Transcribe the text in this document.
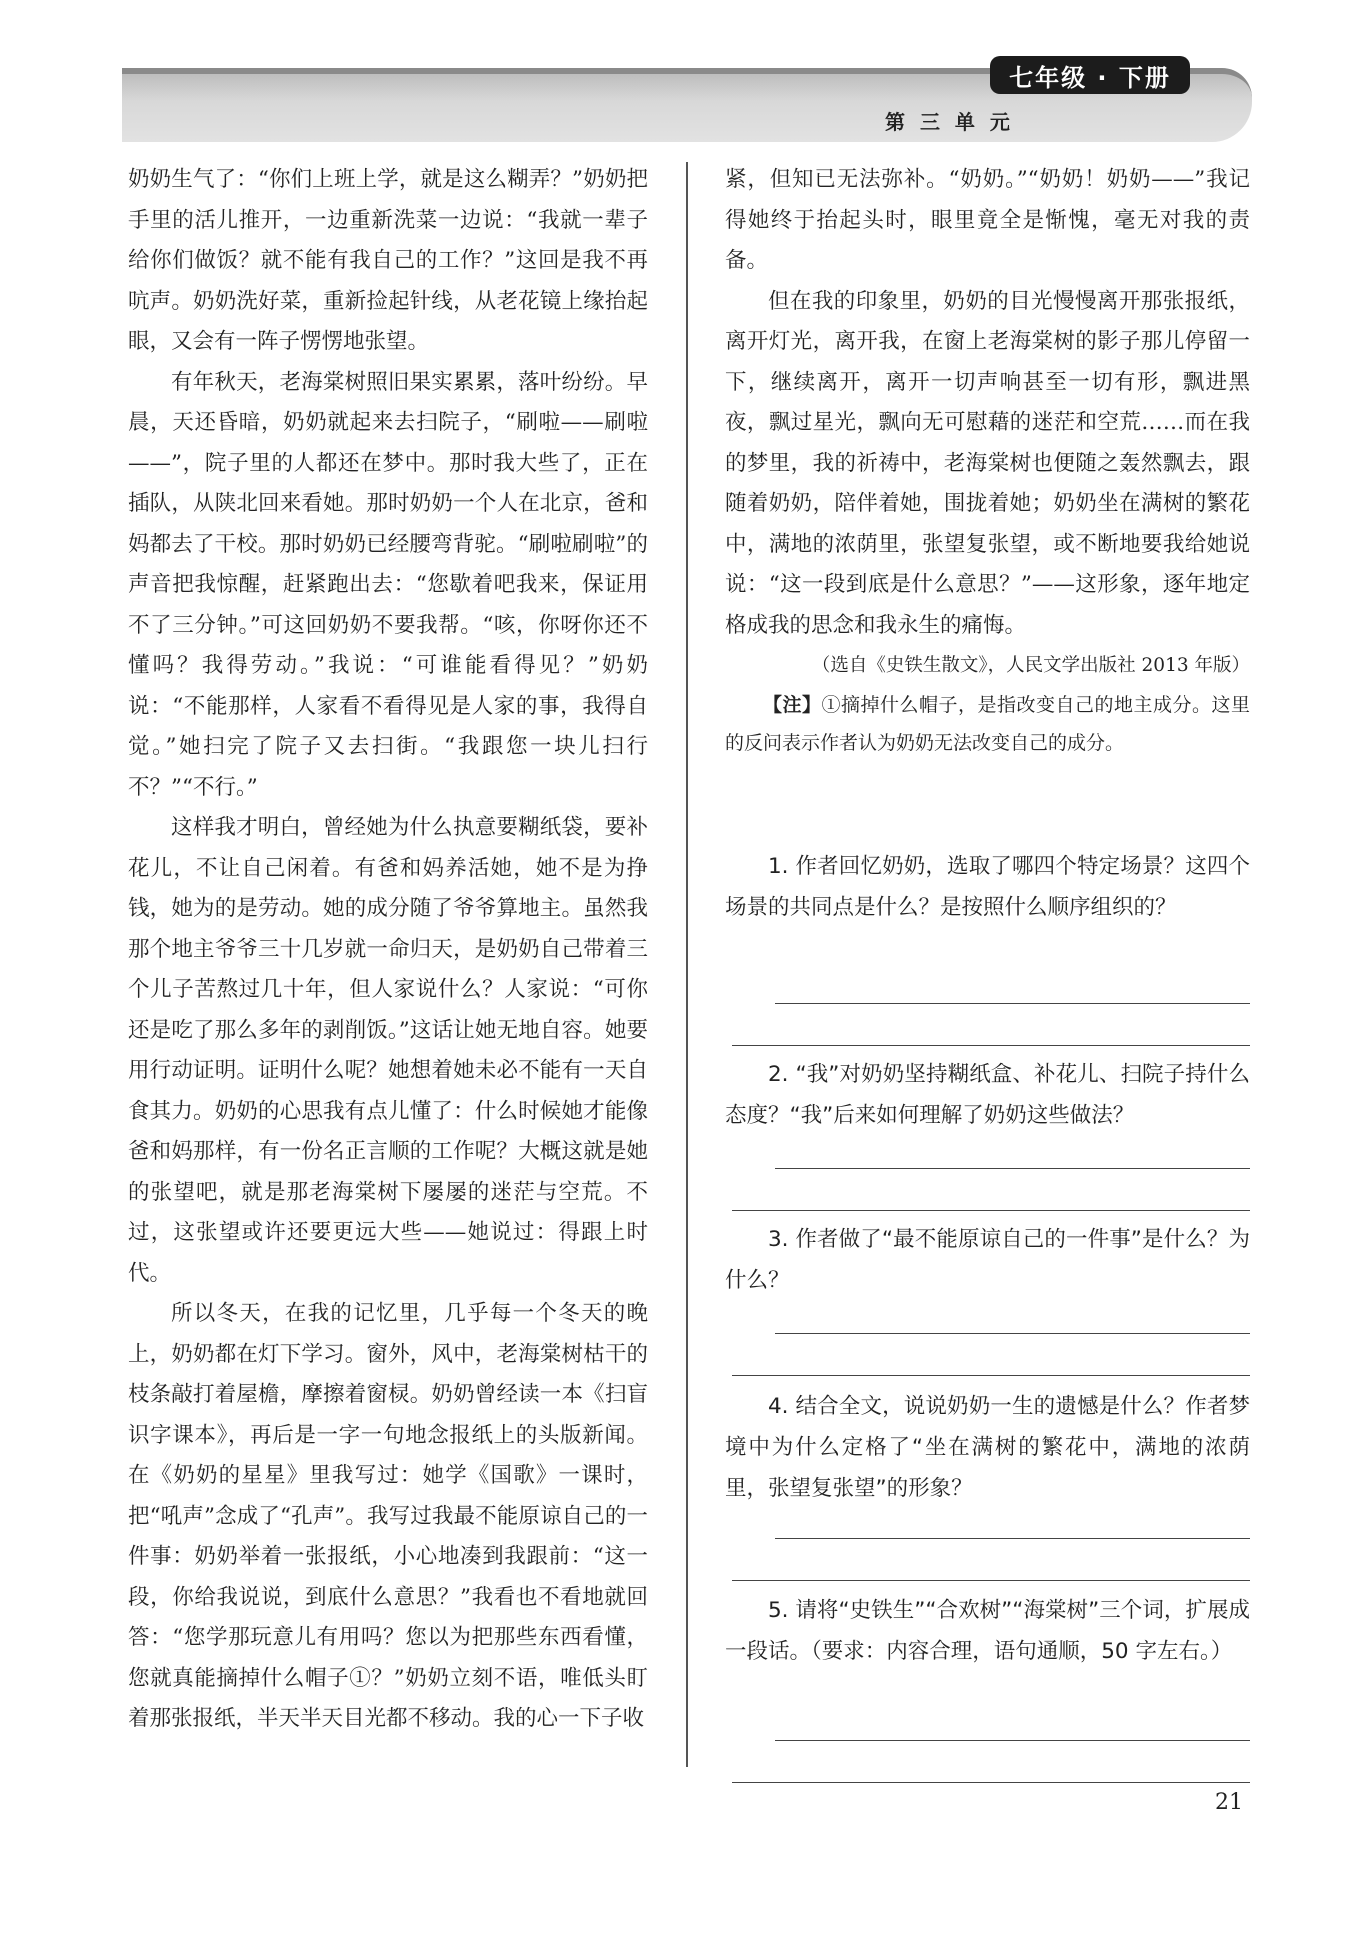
七年级 · 下册
第 三 单 元

奶奶生气了：“你们上班上学，就是这么糊弄？”奶奶把手里的活儿推开，一边重新洗菜一边说：“我就一辈子给你们做饭？就不能有我自己的工作？”这回是我不再吭声。奶奶洗好菜，重新捡起针线，从老花镜上缘抬起眼，又会有一阵子愣愣地张望。

有年秋天，老海棠树照旧果实累累，落叶纷纷。早晨，天还昏暗，奶奶就起来去扫院子，“刷啦——刷啦——”，院子里的人都还在梦中。那时我大些了，正在插队，从陕北回来看她。那时奶奶一个人在北京，爸和妈都去了干校。那时奶奶已经腰弯背驼。“刷啦刷啦”的声音把我惊醒，赶紧跑出去：“您歇着吧我来，保证用不了三分钟。”可这回奶奶不要我帮。“咳，你呀你还不懂吗？我得劳动。”我说：“可谁能看得见？”奶奶说：“不能那样，人家看不看得见是人家的事，我得自觉。”她扫完了院子又去扫街。“我跟您一块儿扫行不？”“不行。”

这样我才明白，曾经她为什么执意要糊纸袋，要补花儿，不让自己闲着。有爸和妈养活她，她不是为挣钱，她为的是劳动。她的成分随了爷爷算地主。虽然我那个地主爷爷三十几岁就一命归天，是奶奶自己带着三个儿子苦熬过几十年，但人家说什么？人家说：“可你还是吃了那么多年的剥削饭。”这话让她无地自容。她要用行动证明。证明什么呢？她想着她未必不能有一天自食其力。奶奶的心思我有点儿懂了：什么时候她才能像爸和妈那样，有一份名正言顺的工作呢？大概这就是她的张望吧，就是那老海棠树下屡屡的迷茫与空荒。不过，这张望或许还要更远大些——她说过：得跟上时代。

所以冬天，在我的记忆里，几乎每一个冬天的晚上，奶奶都在灯下学习。窗外，风中，老海棠树枯干的枝条敲打着屋檐，摩擦着窗棂。奶奶曾经读一本《扫盲识字课本》，再后是一字一句地念报纸上的头版新闻。在《奶奶的星星》里我写过：她学《国歌》一课时，把“吼声”念成了“孔声”。我写过我最不能原谅自己的一件事：奶奶举着一张报纸，小心地凑到我跟前：“这一段，你给我说说，到底什么意思？”我看也不看地就回答：“您学那玩意儿有用吗？您以为把那些东西看懂，您就真能摘掉什么帽子①？”奶奶立刻不语，唯低头盯着那张报纸，半天半天目光都不移动。我的心一下子收

紧，但知已无法弥补。“奶奶。”“奶奶！奶奶——”我记得她终于抬起头时，眼里竟全是惭愧，毫无对我的责备。

但在我的印象里，奶奶的目光慢慢离开那张报纸，离开灯光，离开我，在窗上老海棠树的影子那儿停留一下，继续离开，离开一切声响甚至一切有形，飘进黑夜，飘过星光，飘向无可慰藉的迷茫和空荒……而在我的梦里，我的祈祷中，老海棠树也便随之轰然飘去，跟随着奶奶，陪伴着她，围拢着她；奶奶坐在满树的繁花中，满地的浓荫里，张望复张望，或不断地要我给她说说：“这一段到底是什么意思？”——这形象，逐年地定格成我的思念和我永生的痛悔。

（选自《史铁生散文》，人民文学出版社 2013 年版）

【注】①摘掉什么帽子，是指改变自己的地主成分。这里的反问表示作者认为奶奶无法改变自己的成分。

1. 作者回忆奶奶，选取了哪四个特定场景？这四个场景的共同点是什么？是按照什么顺序组织的？

2. “我”对奶奶坚持糊纸盒、补花儿、扫院子持什么态度？“我”后来如何理解了奶奶这些做法？

3. 作者做了“最不能原谅自己的一件事”是什么？为什么？

4. 结合全文，说说奶奶一生的遗憾是什么？作者梦境中为什么定格了“坐在满树的繁花中，满地的浓荫里，张望复张望”的形象？

5. 请将“史铁生”“合欢树”“海棠树”三个词，扩展成一段话。（要求：内容合理，语句通顺，50 字左右。）

21
